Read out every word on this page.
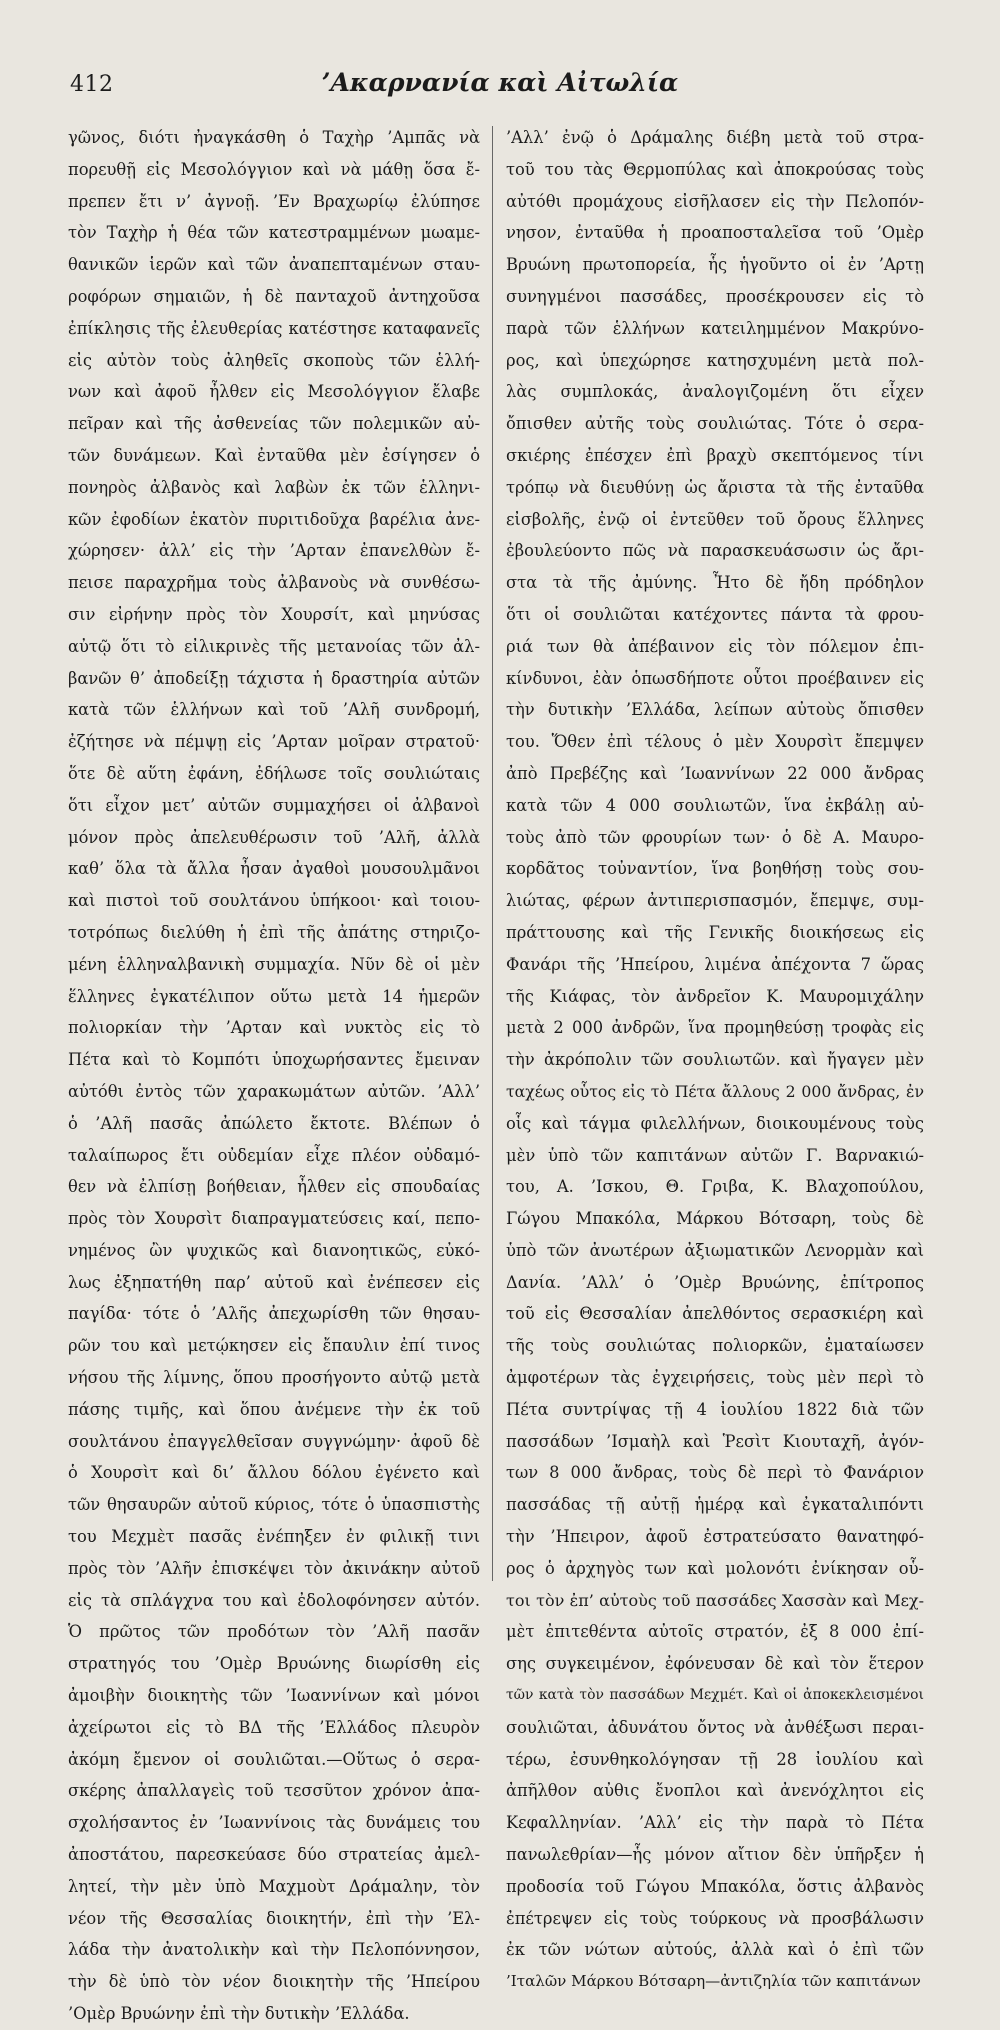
412	’Ακαρνανία καὶ Αἰτωλία
γῶνος, διότι ἠναγκάσθη ὁ Ταχὴρ ’Αμπᾶς νὰ
πορευθῇ εἰς Μεσολόγγιον καὶ νὰ μάθῃ ὅσα ἔ-
πρεπεν ἔτι ν’ ἀγνοῇ. ’Εν Βραχωρίῳ ἐλύπησε
τὸν Ταχὴρ ἡ θέα τῶν κατεστραμμένων μωαμε-
θανικῶν ἱερῶν καὶ τῶν ἀναπεπταμένων σταυ-
ροφόρων σημαιῶν, ἡ δὲ πανταχοῦ ἀντηχοῦσα
ἐπίκλησις τῆς ἐλευθερίας κατέστησε καταφανεῖς
εἰς αὐτὸν τοὺς ἀληθεῖς σκοποὺς τῶν ἑλλή-
νων καὶ ἀφοῦ ἦλθεν εἰς Μεσολόγγιον ἔλαβε
πεῖραν καὶ τῆς ἀσθενείας τῶν πολεμικῶν αὐ-
τῶν δυνάμεων. Καὶ ἐνταῦθα μὲν ἐσίγησεν ὁ
πονηρὸς ἀλβανὸς καὶ λαβὼν ἐκ τῶν ἑλληνι-
κῶν ἐφοδίων ἑκατὸν πυριτιδοῦχα βαρέλια ἀνε-
χώρησεν· ἀλλ’ εἰς τὴν ’Αρταν ἐπανελθὼν ἔ-
πεισε παραχρῆμα τοὺς ἀλβανοὺς νὰ συνθέσω-
σιν εἰρήνην πρὸς τὸν Χουρσίτ, καὶ μηνύσας
αὐτῷ ὅτι τὸ εἰλικρινὲς τῆς μετανοίας τῶν ἀλ-
βανῶν θ’ ἀποδείξῃ τάχιστα ἡ δραστηρία αὐτῶν
κατὰ τῶν ἑλλήνων καὶ τοῦ ’Αλῆ συνδρομή,
ἐζήτησε νὰ πέμψῃ εἰς ’Αρταν μοῖραν στρατοῦ·
ὅτε δὲ αὕτη ἐφάνη, ἐδήλωσε τοῖς σουλιώταις
ὅτι εἶχον μετ’ αὐτῶν συμμαχήσει οἱ ἀλβανοὶ
μόνον πρὸς ἀπελευθέρωσιν τοῦ ’Αλῆ, ἀλλὰ
καθ’ ὅλα τὰ ἄλλα ἦσαν ἀγαθοὶ μουσουλμᾶνοι
καὶ πιστοὶ τοῦ σουλτάνου ὑπήκοοι· καὶ τοιου-
τοτρόπως διελύθη ἡ ἐπὶ τῆς ἀπάτης στηριζο-
μένη ἑλληναλβανικὴ συμμαχία. Νῦν δὲ οἱ μὲν
ἕλληνες ἐγκατέλιπον οὕτω μετὰ 14 ἡμερῶν
πολιορκίαν τὴν ’Αρταν καὶ νυκτὸς εἰς τὸ
Πέτα καὶ τὸ Κομπότι ὑποχωρήσαντες ἔμειναν
αὐτόθι ἐντὸς τῶν χαρακωμάτων αὐτῶν. ’Αλλ’
ὁ ’Αλῆ πασᾶς ἀπώλετο ἔκτοτε. Βλέπων ὁ
ταλαίπωρος ἔτι οὐδεμίαν εἶχε πλέον οὐδαμό-
θεν νὰ ἐλπίσῃ βοήθειαν, ἦλθεν εἰς σπουδαίας
πρὸς τὸν Χουρσὶτ διαπραγματεύσεις καί, πεπο-
νημένος ὢν ψυχικῶς καὶ διανοητικῶς, εὐκό-
λως ἐξηπατήθη παρ’ αὐτοῦ καὶ ἐνέπεσεν εἰς
παγίδα· τότε ὁ ’Αλῆς ἀπεχωρίσθη τῶν θησαυ-
ρῶν του καὶ μετῴκησεν εἰς ἔπαυλιν ἐπί τινος
νήσου τῆς λίμνης, ὅπου προσήγοντο αὐτῷ μετὰ
πάσης τιμῆς, καὶ ὅπου ἀνέμενε τὴν ἐκ τοῦ
σουλτάνου ἐπαγγελθεῖσαν συγγνώμην· ἀφοῦ δὲ
ὁ Χουρσὶτ καὶ δι’ ἄλλου δόλου ἐγένετο καὶ
τῶν θησαυρῶν αὐτοῦ κύριος, τότε ὁ ὑπασπιστὴς
του Μεχμὲτ πασᾶς ἐνέπηξεν ἐν φιλικῇ τινι
πρὸς τὸν ’Αλῆν ἐπισκέψει τὸν ἀκινάκην αὐτοῦ
εἰς τὰ σπλάγχνα του καὶ ἐδολοφόνησεν αὐτόν.
Ὁ πρῶτος τῶν προδότων τὸν ’Αλῆ πασᾶν
στρατηγός του ’Ομὲρ Βρυώνης διωρίσθη εἰς
ἀμοιβὴν διοικητὴς τῶν ’Ιωαννίνων καὶ μόνοι
ἀχείρωτοι εἰς τὸ ΒΔ τῆς ’Ελλάδος πλευρὸν
ἀκόμη ἔμενον οἱ σουλιῶται.—Οὕτως ὁ σερα-
σκέρης ἀπαλλαγεὶς τοῦ τεσσῦτον χρόνον ἀπα-
σχολήσαντος ἐν ’Ιωαννίνοις τὰς δυνάμεις του
ἀποστάτου, παρεσκεύασε δύο στρατείας ἀμελ-
λητεί, τὴν μὲν ὑπὸ Μαχμοὺτ Δράμαλην, τὸν
νέον τῆς Θεσσαλίας διοικητήν, ἐπὶ τὴν ’Ελ-
λάδα τὴν ἀνατολικὴν καὶ τὴν Πελοπόννησον,
τὴν δὲ ὑπὸ τὸν νέον διοικητὴν τῆς ’Ηπείρου
’Ομὲρ Βρυώνην ἐπὶ τὴν δυτικὴν ’Ελλάδα.
’Αλλ’ ἐνῷ ὁ Δράμαλης διέβη μετὰ τοῦ στρα-
τοῦ του τὰς Θερμοπύλας καὶ ἀποκρούσας τοὺς
αὐτόθι προμάχους εἰσῆλασεν εἰς τὴν Πελοπόν-
νησον, ἐνταῦθα ἡ προαποσταλεῖσα τοῦ ’Ομὲρ
Βρυώνη πρωτοπορεία, ἧς ἡγοῦντο οἱ ἐν ’Αρτῃ
συνηγμένοι πασσάδες, προσέκρουσεν εἰς τὸ
παρὰ τῶν ἑλλήνων κατειλημμένον Μακρύνο-
ρος, καὶ ὑπεχώρησε κατησχυμένη μετὰ πολ-
λὰς συμπλοκάς, ἀναλογιζομένη ὅτι εἶχεν
ὄπισθεν αὐτῆς τοὺς σουλιώτας. Τότε ὁ σερα-
σκιέρης ἐπέσχεν ἐπὶ βραχὺ σκεπτόμενος τίνι
τρόπῳ νὰ διευθύνῃ ὡς ἄριστα τὰ τῆς ἐνταῦθα
εἰσβολῆς, ἐνῷ οἱ ἐντεῦθεν τοῦ ὄρους ἕλληνες
ἐβουλεύοντο πῶς νὰ παρασκευάσωσιν ὡς ἄρι-
στα τὰ τῆς ἀμύνης. Ἦτο δὲ ἤδη πρόδηλον
ὅτι οἱ σουλιῶται κατέχοντες πάντα τὰ φρου-
ριά των θὰ ἀπέβαινον εἰς τὸν πόλεμον ἐπι-
κίνδυνοι, ἐὰν ὁπωσδήποτε οὗτοι προέβαινεν εἰς
τὴν δυτικὴν ’Ελλάδα, λείπων αὐτοὺς ὄπισθεν
του. Ὅθεν ἐπὶ τέλους ὁ μὲν Χουρσὶτ ἔπεμψεν
ἀπὸ Πρεβέζης καὶ ’Ιωαννίνων 22 000 ἄνδρας
κατὰ τῶν 4 000 σουλιωτῶν, ἵνα ἐκβάλῃ αὐ-
τοὺς ἀπὸ τῶν φρουρίων των· ὁ δὲ Α. Μαυρο-
κορδᾶτος τοὐναντίον, ἵνα βοηθήσῃ τοὺς σου-
λιώτας, φέρων ἀντιπερισπασμόν, ἔπεμψε, συμ-
πράττουσης καὶ τῆς Γενικῆς διοικήσεως εἰς
Φανάρι τῆς ’Ηπείρου, λιμένα ἀπέχοντα 7 ὥρας
τῆς Κιάφας, τὸν ἀνδρεῖον Κ. Μαυρομιχάλην
μετὰ 2 000 ἀνδρῶν, ἵνα προμηθεύσῃ τροφὰς εἰς
τὴν ἀκρόπολιν τῶν σουλιωτῶν. καὶ ἤγαγεν μὲν
ταχέως οὗτος εἰς τὸ Πέτα ἄλλους 2 000 ἄνδρας, ἐν
οἷς καὶ τάγμα φιλελλήνων, διοικουμένους τοὺς
μὲν ὑπὸ τῶν καπιτάνων αὐτῶν Γ. Βαρνακιώ-
του, Α. ’Ισκου, Θ. Γριβα, Κ. Βλαχοπούλου,
Γώγου Μπακόλα, Μάρκου Βότσαρη, τοὺς δὲ
ὑπὸ τῶν ἀνωτέρων ἀξιωματικῶν Λενορμὰν καὶ
Δανία. ’Αλλ’ ὁ ’Ομὲρ Βρυώνης, ἐπίτροπος
τοῦ εἰς Θεσσαλίαν ἀπελθόντος σερασκιέρη καὶ
τῆς τοὺς σουλιώτας πολιορκῶν, ἐματαίωσεν
ἀμφοτέρων τὰς ἐγχειρήσεις, τοὺς μὲν περὶ τὸ
Πέτα συντρίψας τῇ 4 ἰουλίου 1822 διὰ τῶν
πασσάδων ’Ισμαὴλ καὶ Ῥεσὶτ Κιουταχῆ, ἀγόν-
των 8 000 ἄνδρας, τοὺς δὲ περὶ τὸ Φανάριον
πασσάδας τῇ αὐτῇ ἡμέρᾳ καὶ ἐγκαταλιπόντι
τὴν ’Ηπειρον, ἀφοῦ ἐστρατεύσατο θανατηφό-
ρος ὁ ἀρχηγὸς των καὶ μολονότι ἐνίκησαν οὗ-
τοι τὸν ἐπ’ αὐτοὺς τοῦ πασσάδες Χασσὰν καὶ Μεχ-
μὲτ ἐπιτεθέντα αὐτοῖς στρατόν, ἐξ 8 000 ἐπί-
σης συγκειμένον, ἐφόνευσαν δὲ καὶ τὸν ἕτερον
τῶν κατὰ τὸν πασσάδων Μεχμέτ. Καὶ οἱ ἀποκεκλεισμένοι
σουλιῶται, ἀδυνάτου ὄντος νὰ ἀνθέξωσι περαι-
τέρω, ἐσυνθηκολόγησαν τῇ 28 ἰουλίου καὶ
ἀπῆλθον αὐθις ἔνοπλοι καὶ ἀνενόχλητοι εἰς
Κεφαλληνίαν. ’Αλλ’ εἰς τὴν παρὰ τὸ Πέτα
πανωλεθρίαν—ἧς μόνον αἴτιον δὲν ὑπῆρξεν ἡ
προδοσία τοῦ Γώγου Μπακόλα, ὅστις ἀλβανὸς
ἐπέτρεψεν εἰς τοὺς τούρκους νὰ προσβάλωσιν
ἐκ τῶν νώτων αὐτούς, ἀλλὰ καὶ ὁ ἐπὶ τῶν
’Ιταλῶν Μάρκου Βότσαρη—ἀντιζηλία τῶν καπιτάνων
